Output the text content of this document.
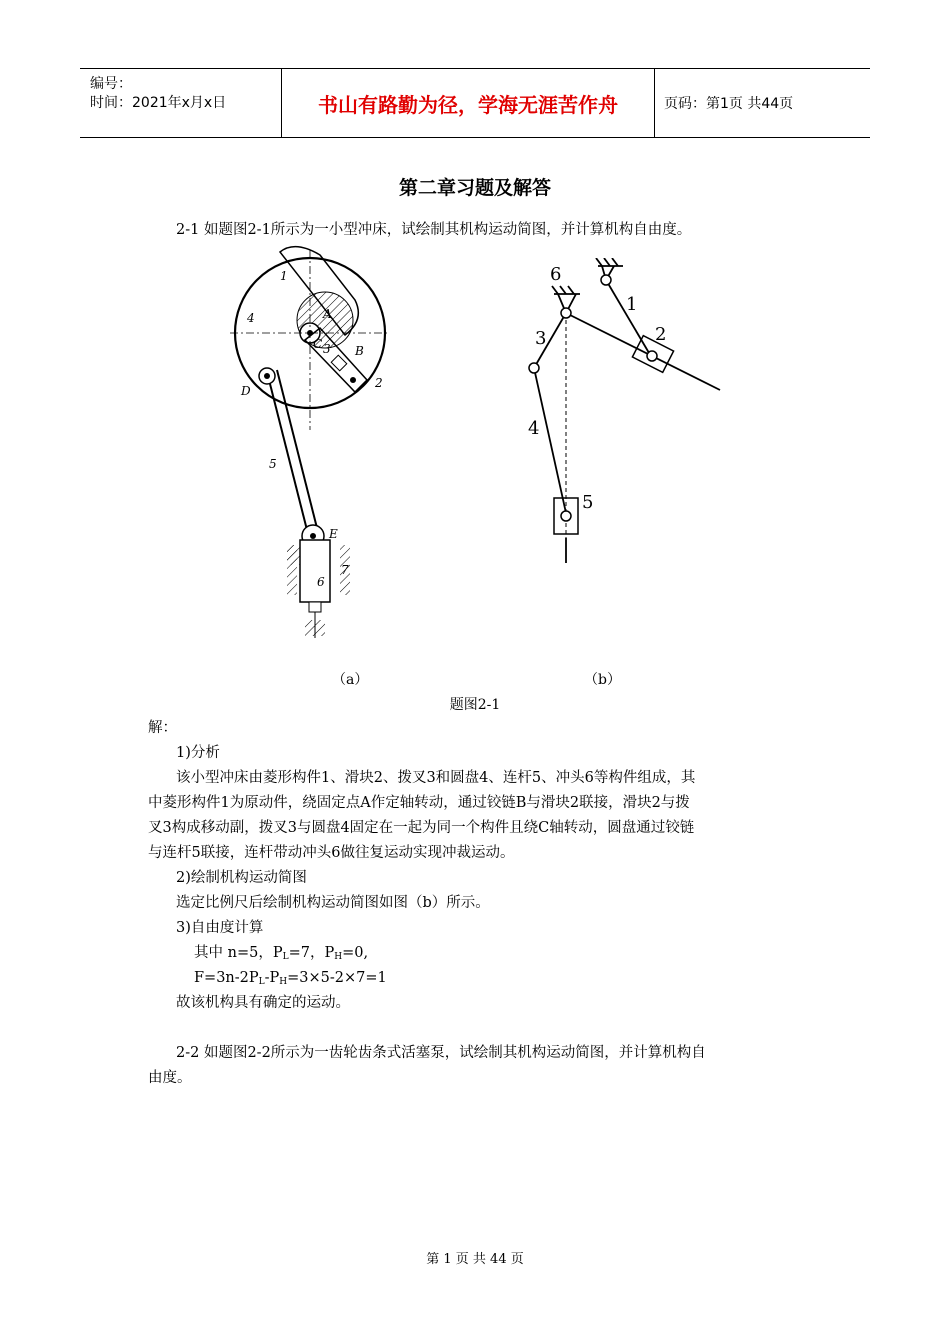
编号：
时间：2021年x月x日	书山有路勤为径，学海无涯苦作舟	页码：第1页 共44页
第二章习题及解答
2-1 如题图2-1所示为一小型冲床，试绘制其机构运动简图，并计算机构自由度。
1
A
4
C 3 B
2
D
5
E
7
6
6
1
2
3
4
5
（a）	（b）
题图2-1
解：
1)分析
该小型冲床由菱形构件1、滑块2、拨叉3和圆盘4、连杆5、冲头6等构件组成，其
中菱形构件1为原动件，绕固定点A作定轴转动，通过铰链B与滑块2联接，滑块2与拨
叉3构成移动副，拨叉3与圆盘4固定在一起为同一个构件且绕C轴转动，圆盘通过铰链
与连杆5联接，连杆带动冲头6做往复运动实现冲裁运动。
2)绘制机构运动简图
选定比例尺后绘制机构运动简图如图（b）所示。
3)自由度计算
其中 n=5，$P_L=7$，$P_H=0$,
$F=3n-2P_L-P_H=3\times 5-2\times 7=1$
故该机构具有确定的运动。
2-2 如题图2-2所示为一齿轮齿条式活塞泵，试绘制其机构运动简图，并计算机构自
由度。
第 1 页 共 44 页
